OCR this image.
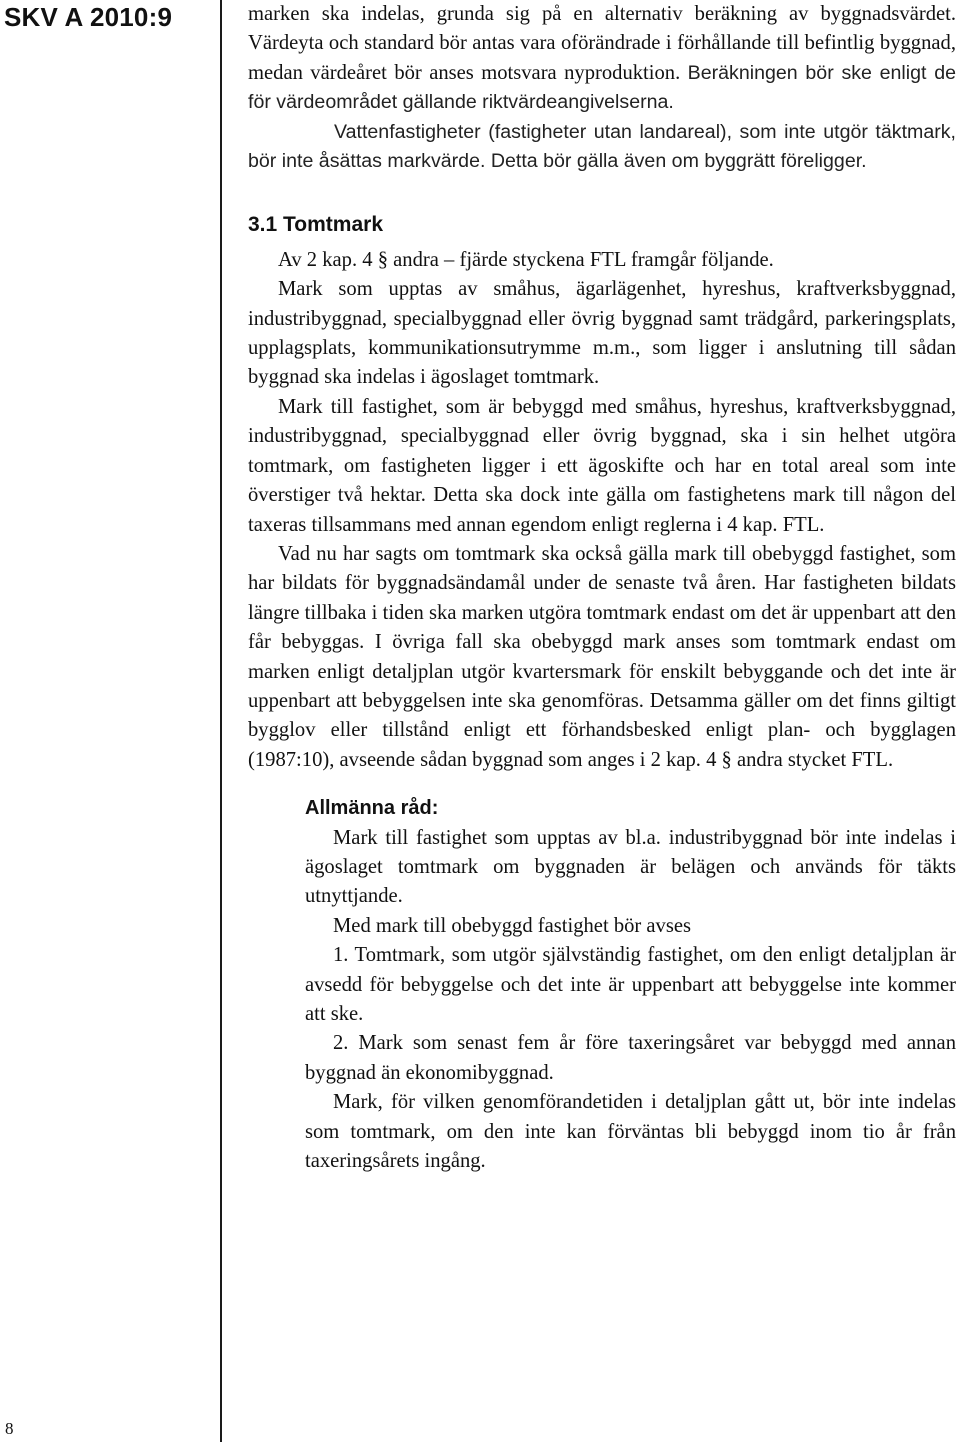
SKV A 2010:9
8

marken ska indelas, grunda sig på en alternativ beräkning av byggnadsvärdet. Värdeyta och standard bör antas vara oförändrade i förhållande till befintlig byggnad, medan värdeåret bör anses motsvara nyproduktion. Beräkningen bör ske enligt de för värdeområdet gällande riktvärdeangivelserna.

Vattenfastigheter (fastigheter utan landareal), som inte utgör täktmark, bör inte åsättas markvärde. Detta bör gälla även om byggrätt föreligger.

3.1 Tomtmark

Av 2 kap. 4 § andra – fjärde styckena FTL framgår följande.

Mark som upptas av småhus, ägarlägenhet, hyreshus, kraftverksbyggnad, industribyggnad, specialbyggnad eller övrig byggnad samt trädgård, parkeringsplats, upplagsplats, kommunikationsutrymme m.m., som ligger i anslutning till sådan byggnad ska indelas i ägoslaget tomtmark.

Mark till fastighet, som är bebyggd med småhus, hyreshus, kraftverksbyggnad, industribyggnad, specialbyggnad eller övrig byggnad, ska i sin helhet utgöra tomtmark, om fastigheten ligger i ett ägoskifte och har en total areal som inte överstiger två hektar. Detta ska dock inte gälla om fastighetens mark till någon del taxeras tillsammans med annan egendom enligt reglerna i 4 kap. FTL.

Vad nu har sagts om tomtmark ska också gälla mark till obebyggd fastighet, som har bildats för byggnadsändamål under de senaste två åren. Har fastigheten bildats längre tillbaka i tiden ska marken utgöra tomtmark endast om det är uppenbart att den får bebyggas. I övriga fall ska obebyggd mark anses som tomtmark endast om marken enligt detaljplan utgör kvartersmark för enskilt bebyggande och det inte är uppenbart att bebyggelsen inte ska genomföras. Detsamma gäller om det finns giltigt bygglov eller tillstånd enligt ett förhandsbesked enligt plan- och bygglagen (1987:10), avseende sådan byggnad som anges i 2 kap. 4 § andra stycket FTL.

Allmänna råd:

Mark till fastighet som upptas av bl.a. industribyggnad bör inte indelas i ägoslaget tomtmark om byggnaden är belägen och används för täkts utnyttjande.

Med mark till obebyggd fastighet bör avses

1. Tomtmark, som utgör självständig fastighet, om den enligt detaljplan är avsedd för bebyggelse och det inte är uppenbart att bebyggelse inte kommer att ske.

2. Mark som senast fem år före taxeringsåret var bebyggd med annan byggnad än ekonomibyggnad.

Mark, för vilken genomförandetiden i detaljplan gått ut, bör inte indelas som tomtmark, om den inte kan förväntas bli bebyggd inom tio år från taxeringsårets ingång.
